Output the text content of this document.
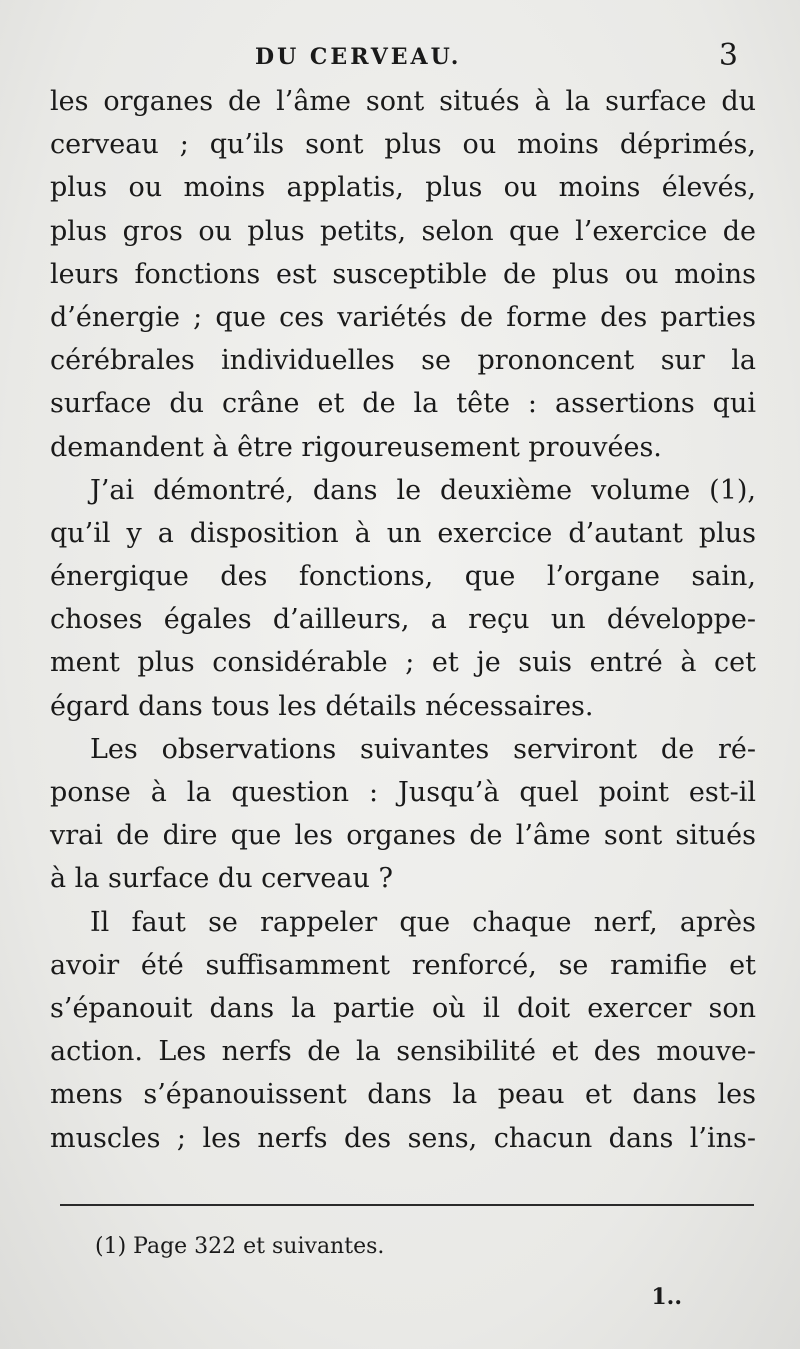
DU CERVEAU.	3
les organes de l’âme sont situés à la surface du
cerveau ; qu’ils sont plus ou moins déprimés,
plus ou moins applatis, plus ou moins élevés,
plus gros ou plus petits, selon que l’exercice de
leurs fonctions est susceptible de plus ou moins
d’énergie ; que ces variétés de forme des parties
cérébrales individuelles se prononcent sur la
surface du crâne et de la tête : assertions qui
demandent à être rigoureusement prouvées.
J’ai démontré, dans le deuxième volume (1),
qu’il y a disposition à un exercice d’autant plus
énergique des fonctions, que l’organe sain,
choses égales d’ailleurs, a reçu un développe-
ment plus considérable ; et je suis entré à cet
égard dans tous les détails nécessaires.
Les observations suivantes serviront de ré-
ponse à la question : Jusqu’à quel point est-il
vrai de dire que les organes de l’âme sont situés
à la surface du cerveau ?
Il faut se rappeler que chaque nerf, après
avoir été suffisamment renforcé, se ramifie et
s’épanouit dans la partie où il doit exercer son
action. Les nerfs de la sensibilité et des mouve-
mens s’épanouissent dans la peau et dans les
muscles ; les nerfs des sens, chacun dans l’ins-
(1) Page 322 et suivantes.
1..
